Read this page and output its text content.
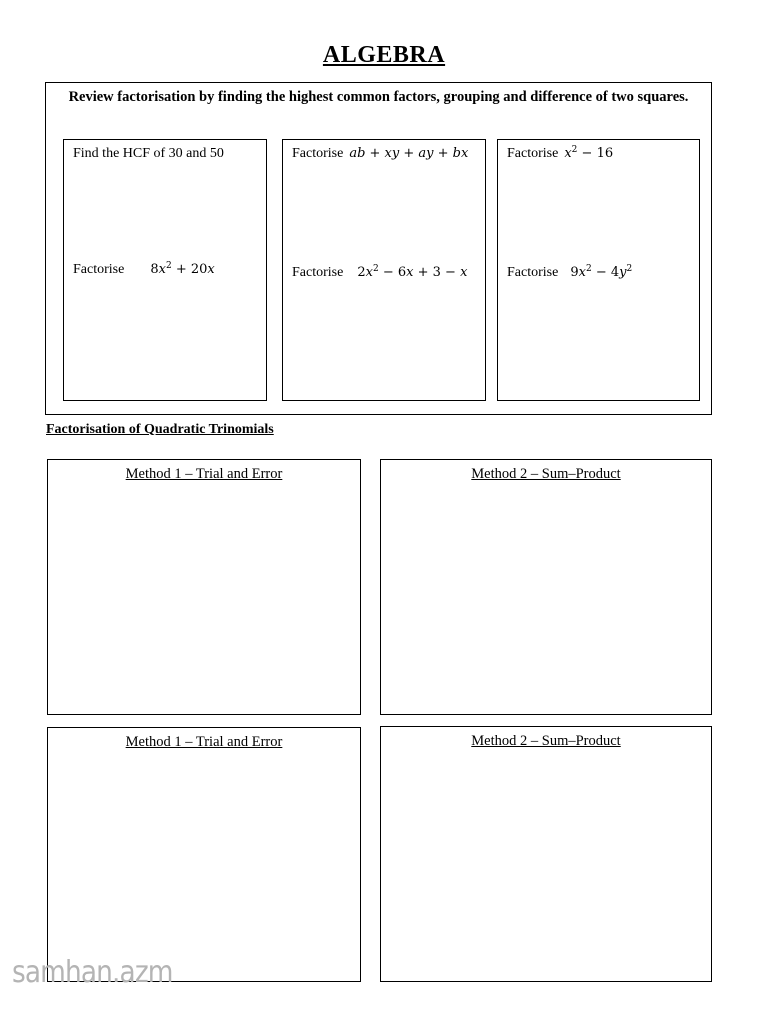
ALGEBRA
Review factorisation by finding the highest common factors, grouping and difference of two squares.
Find the HCF of 30 and 50
Factorise $8x^2 + 20x$
Factorise ab + xy + ay + bx
Factorise $2x^2 - 6x + 3 - x$
Factorise $x^2 - 16$
Factorise $9x^2 - 4y^2$
Factorisation of Quadratic Trinomials
Method 1 – Trial and Error	Method 2 – Sum–Product
Method 1 – Trial and Error	Method 2 – Sum–Product
samhan.azm
